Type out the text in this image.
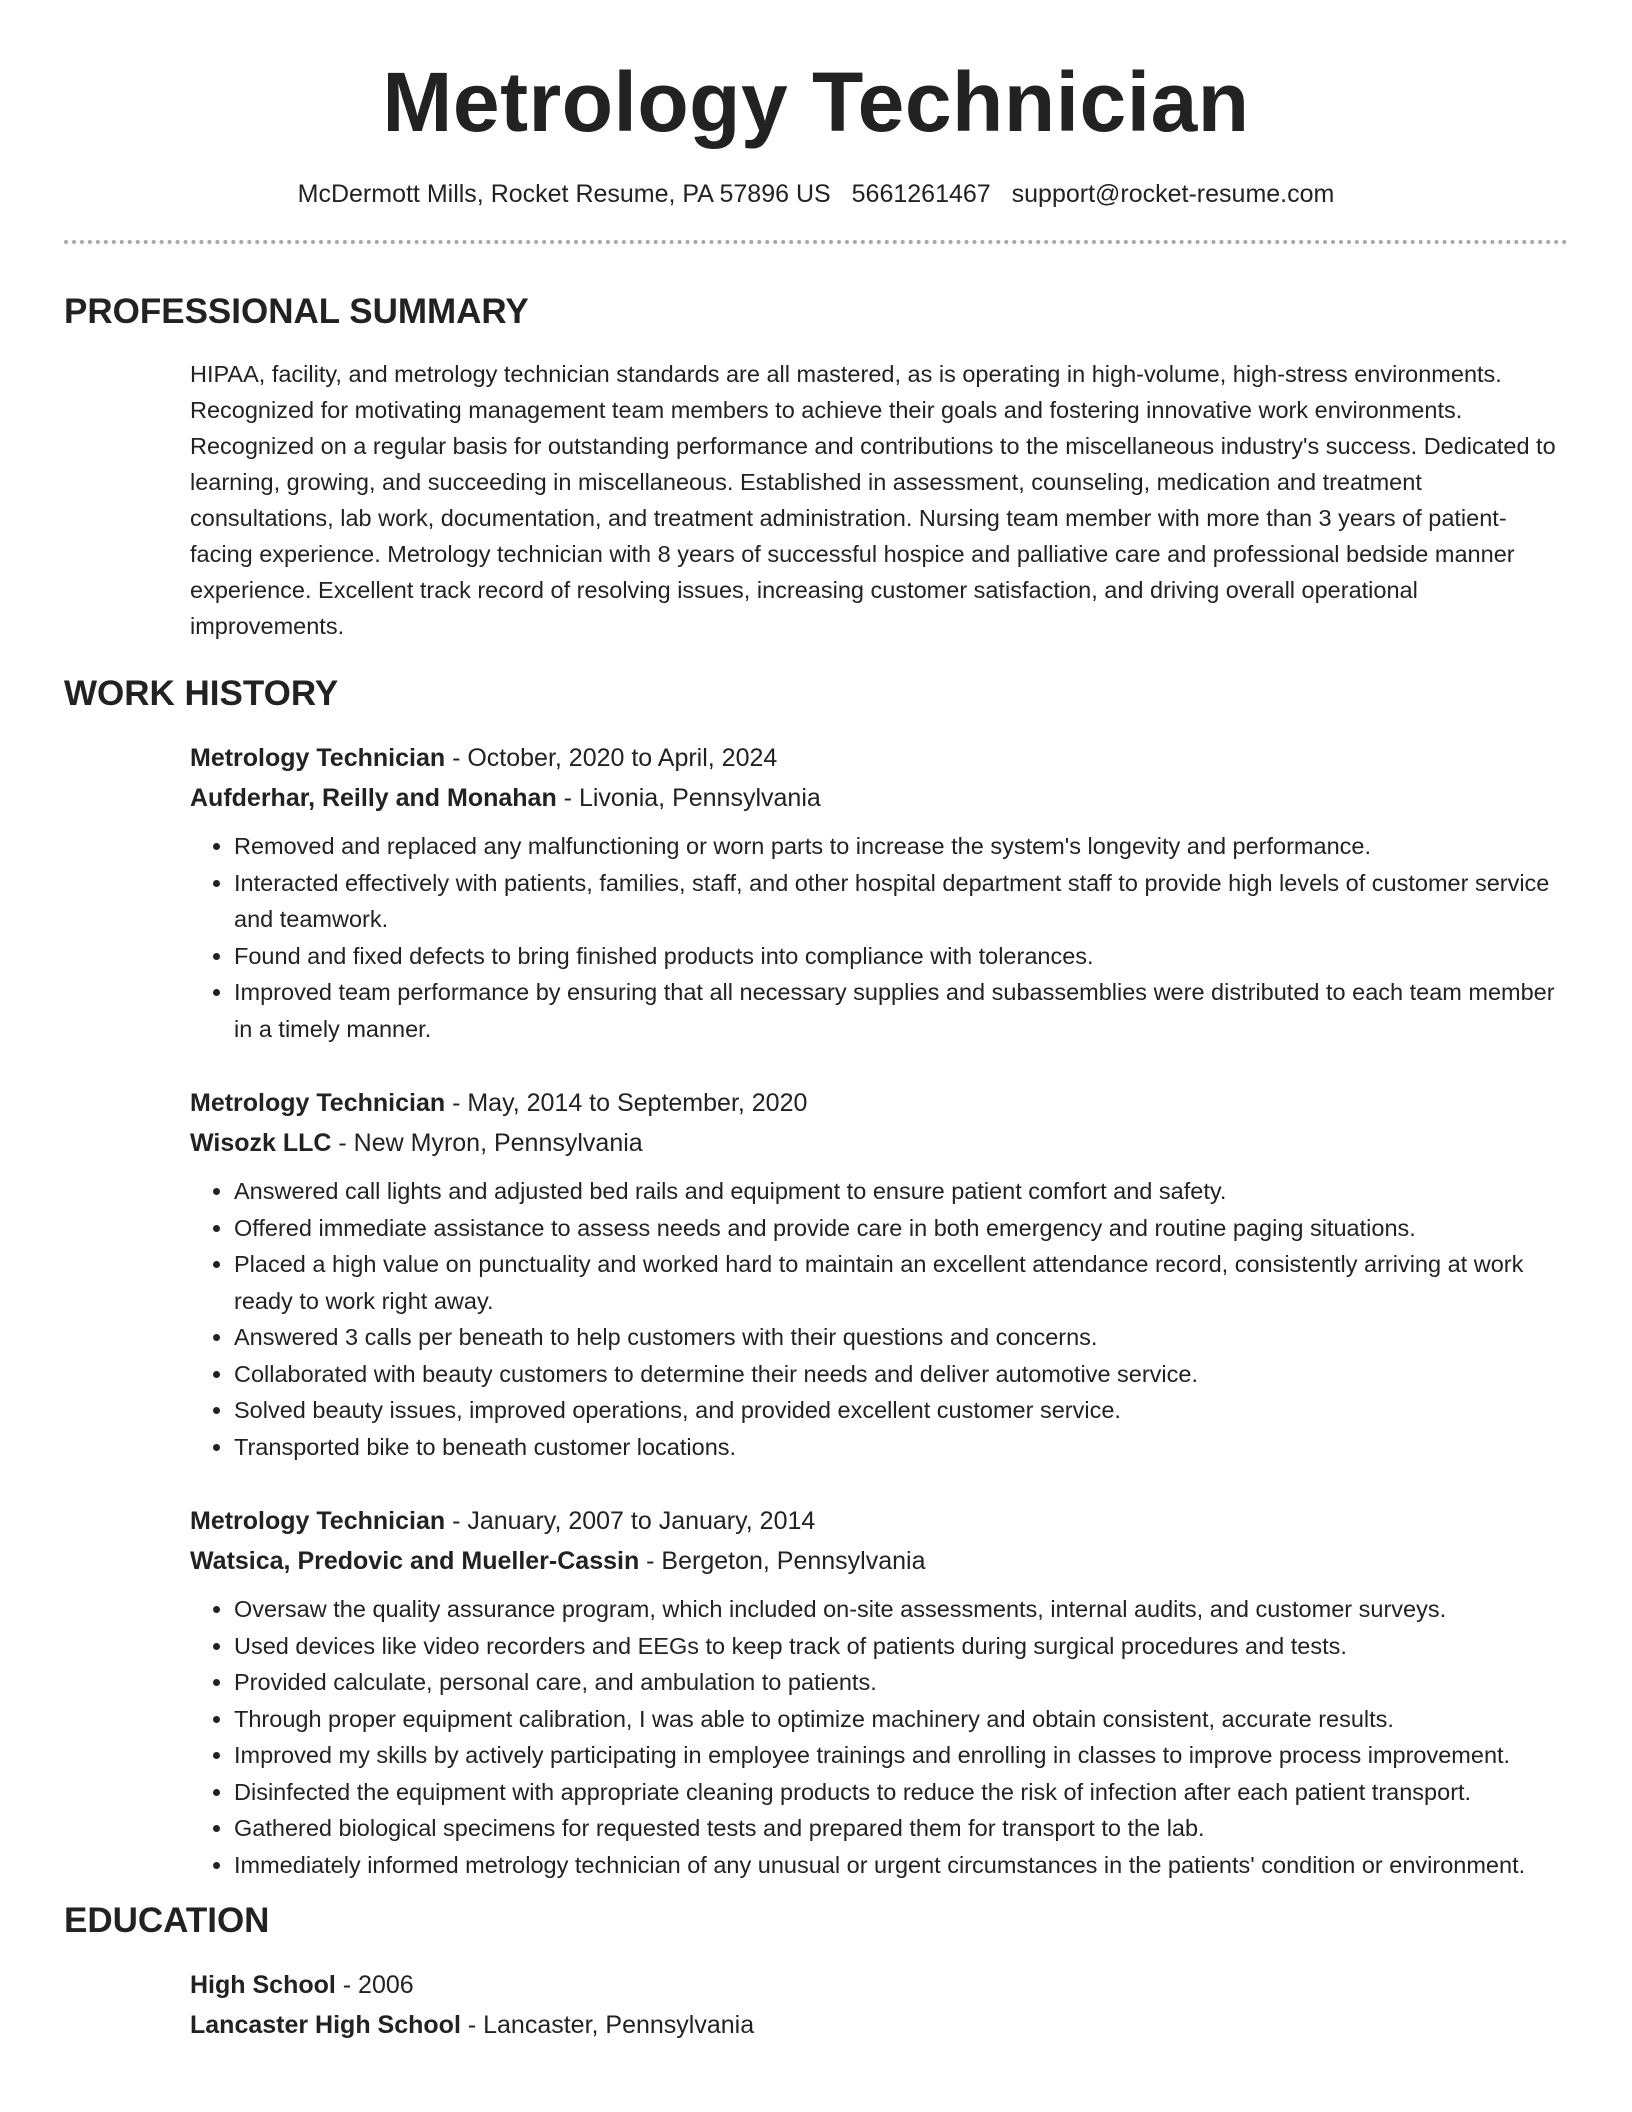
Metrology Technician
McDermott Mills, Rocket Resume, PA 57896 US 5661261467 support@rocket-resume.com
PROFESSIONAL SUMMARY

HIPAA, facility, and metrology technician standards are all mastered, as is operating in high-volume, high-stress environments. Recognized for motivating management team members to achieve their goals and fostering innovative work environments. Recognized on a regular basis for outstanding performance and contributions to the miscellaneous industry's success. Dedicated to learning, growing, and succeeding in miscellaneous. Established in assessment, counseling, medication and treatment consultations, lab work, documentation, and treatment administration. Nursing team member with more than 3 years of patient-facing experience. Metrology technician with 8 years of successful hospice and palliative care and professional bedside manner experience. Excellent track record of resolving issues, increasing customer satisfaction, and driving overall operational improvements.

WORK HISTORY
Metrology Technician - October, 2020 to April, 2024
Aufderhar, Reilly and Monahan - Livonia, Pennsylvania
• Removed and replaced any malfunctioning or worn parts to increase the system's longevity and performance.
• Interacted effectively with patients, families, staff, and other hospital department staff to provide high levels of customer service and teamwork.
• Found and fixed defects to bring finished products into compliance with tolerances.
• Improved team performance by ensuring that all necessary supplies and subassemblies were distributed to each team member in a timely manner.
Metrology Technician - May, 2014 to September, 2020
Wisozk LLC - New Myron, Pennsylvania
• Answered call lights and adjusted bed rails and equipment to ensure patient comfort and safety.
• Offered immediate assistance to assess needs and provide care in both emergency and routine paging situations.
• Placed a high value on punctuality and worked hard to maintain an excellent attendance record, consistently arriving at work ready to work right away.
• Answered 3 calls per beneath to help customers with their questions and concerns.
• Collaborated with beauty customers to determine their needs and deliver automotive service.
• Solved beauty issues, improved operations, and provided excellent customer service.
• Transported bike to beneath customer locations.
Metrology Technician - January, 2007 to January, 2014
Watsica, Predovic and Mueller-Cassin - Bergeton, Pennsylvania
• Oversaw the quality assurance program, which included on-site assessments, internal audits, and customer surveys.
• Used devices like video recorders and EEGs to keep track of patients during surgical procedures and tests.
• Provided calculate, personal care, and ambulation to patients.
• Through proper equipment calibration, I was able to optimize machinery and obtain consistent, accurate results.
• Improved my skills by actively participating in employee trainings and enrolling in classes to improve process improvement.
• Disinfected the equipment with appropriate cleaning products to reduce the risk of infection after each patient transport.
• Gathered biological specimens for requested tests and prepared them for transport to the lab.
• Immediately informed metrology technician of any unusual or urgent circumstances in the patients' condition or environment.
EDUCATION
High School - 2006
Lancaster High School - Lancaster, Pennsylvania
